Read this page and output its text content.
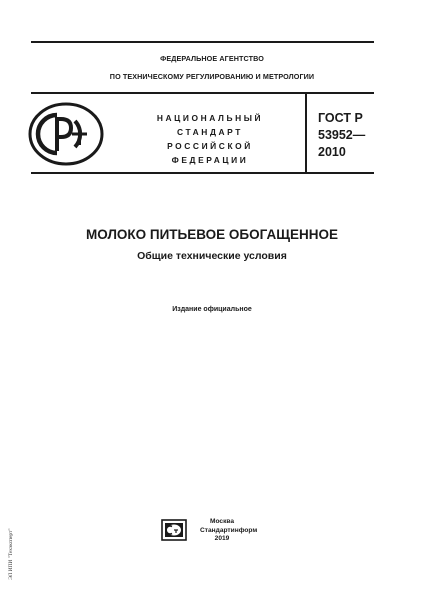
ФЕДЕРАЛЬНОЕ АГЕНТСТВО
ПО ТЕХНИЧЕСКОМУ РЕГУЛИРОВАНИЮ И МЕТРОЛОГИИ
НАЦИОНАЛЬНЫЙ
СТАНДАРТ
РОССИЙСКОЙ
ФЕДЕРАЦИИ
ГОСТ Р
53952—
2010
МОЛОКО ПИТЬЕВОЕ ОБОГАЩЕННОЕ
Общие технические условия
Издание официальное
Москва
Стандартинформ
2019
ЭЛ ИПИ "Техэксперт"
